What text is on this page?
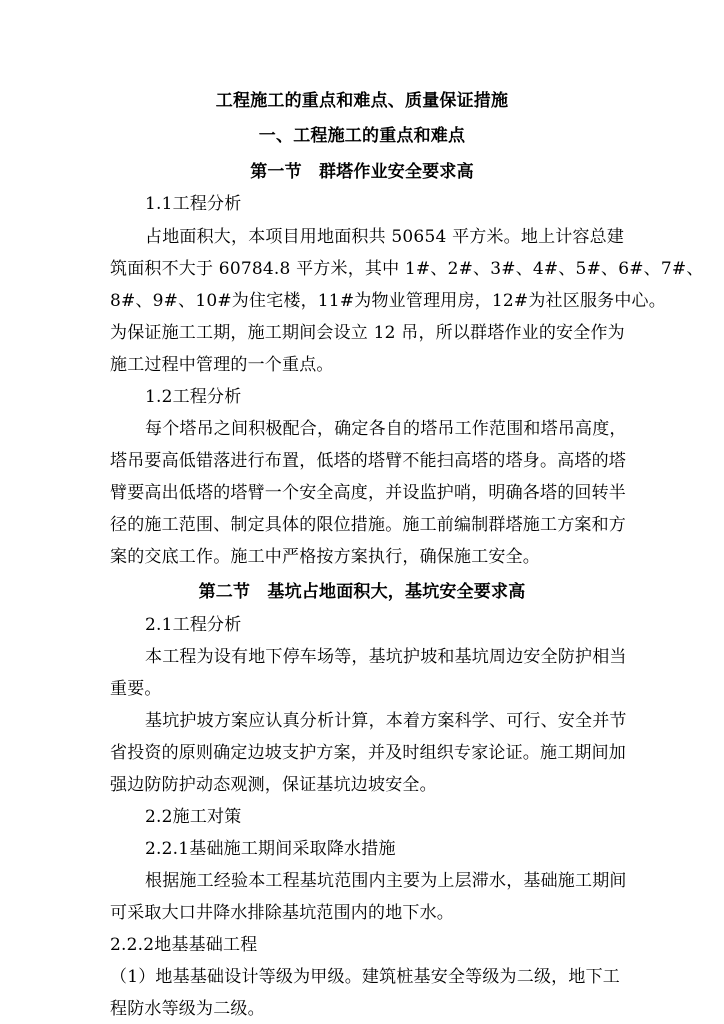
工程施工的重点和难点、质量保证措施
一、工程施工的重点和难点
第一节　群塔作业安全要求高
1.1工程分析
占地面积大，本项目用地面积共 50654 平方米。地上计容总建
筑面积不大于 60784.8 平方米，其中 1#、2#、3#、4#、5#、6#、7#、
8#、9#、10#为住宅楼，11#为物业管理用房，12#为社区服务中心。
为保证施工工期，施工期间会设立 12 吊，所以群塔作业的安全作为
施工过程中管理的一个重点。
1.2工程分析
每个塔吊之间积极配合，确定各自的塔吊工作范围和塔吊高度，
塔吊要高低错落进行布置，低塔的塔臂不能扫高塔的塔身。高塔的塔
臂要高出低塔的塔臂一个安全高度，并设监护哨，明确各塔的回转半
径的施工范围、制定具体的限位措施。施工前编制群塔施工方案和方
案的交底工作。施工中严格按方案执行，确保施工安全。
第二节　基坑占地面积大，基坑安全要求高
2.1工程分析
本工程为设有地下停车场等，基坑护坡和基坑周边安全防护相当
重要。
基坑护坡方案应认真分析计算，本着方案科学、可行、安全并节
省投资的原则确定边坡支护方案，并及时组织专家论证。施工期间加
强边防防护动态观测，保证基坑边坡安全。
2.2施工对策
2.2.1基础施工期间采取降水措施
根据施工经验本工程基坑范围内主要为上层滞水，基础施工期间
可采取大口井降水排除基坑范围内的地下水。
2.2.2地基基础工程
（1）地基基础设计等级为甲级。建筑桩基安全等级为二级，地下工
程防水等级为二级。
